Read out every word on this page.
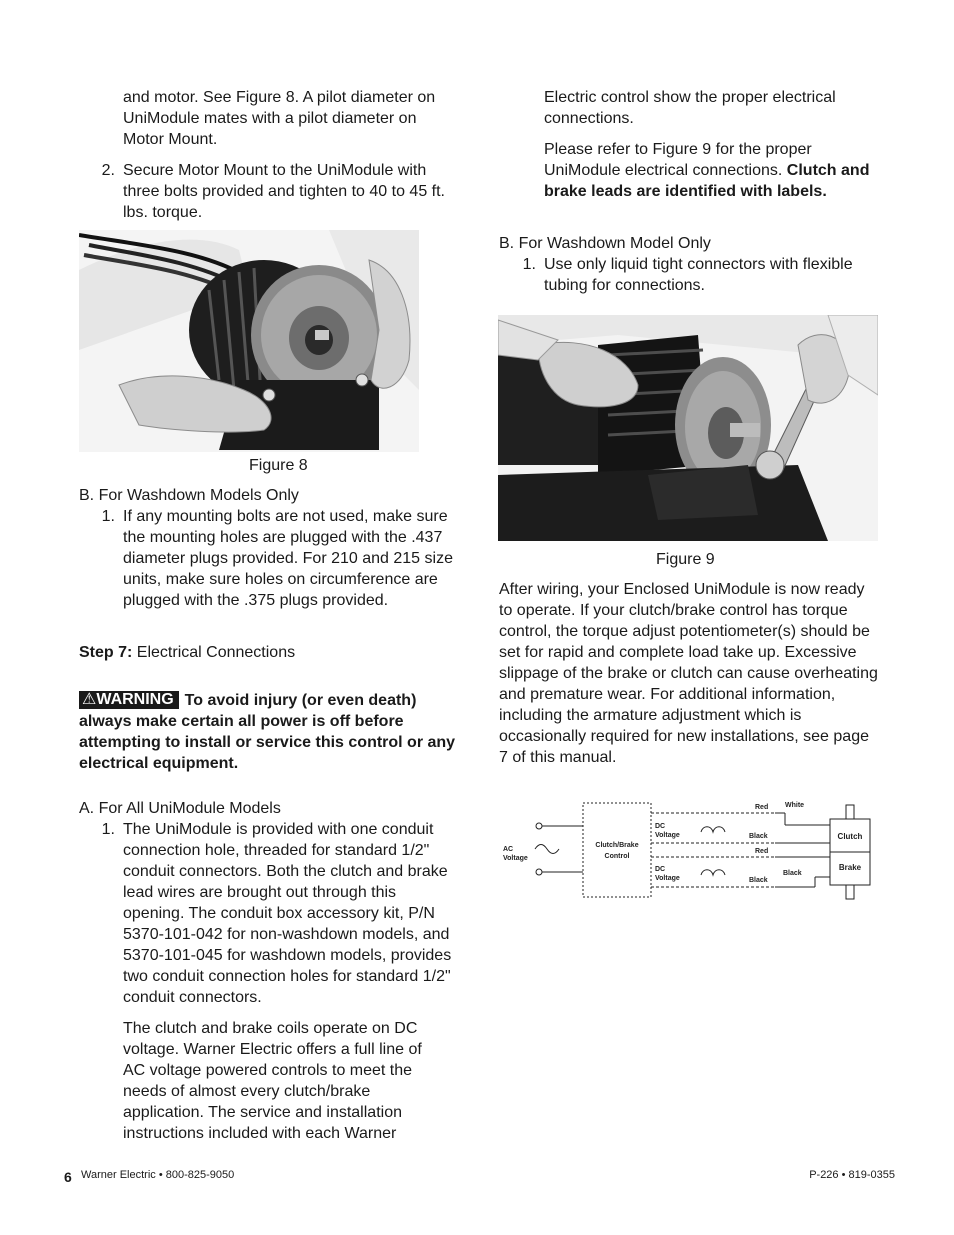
and motor. See Figure 8. A pilot diameter on UniModule mates with a pilot diameter on Motor Mount.

2. Secure Motor Mount to the UniModule with three bolts provided and tighten to 40 to 45 ft. lbs. torque.

Figure 8

B. For Washdown Models Only

1. If any mounting bolts are not used, make sure the mounting holes are plugged with the .437 diameter plugs provided. For 210 and 215 size units, make sure holes on circumference are plugged with the .375 plugs provided.

Step 7: Electrical Connections

⚠WARNING To avoid injury (or even death) always make certain all power is off before attempting to install or service this control or any electrical equipment.

A. For All UniModule Models

1. The UniModule is provided with one conduit connection hole, threaded for standard 1/2" conduit connectors. Both the clutch and brake lead wires are brought out through this opening. The conduit box accessory kit, P/N 5370-101-042 for non-washdown models, and 5370-101-045 for washdown models, provides two conduit connection holes for standard 1/2" conduit connectors.

The clutch and brake coils operate on DC voltage. Warner Electric offers a full line of AC voltage powered controls to meet the needs of almost every clutch/brake application. The service and installation instructions included with each Warner

Electric control show the proper electrical connections.

Please refer to Figure 9 for the proper UniModule electrical connections. Clutch and brake leads are identified with labels.

B. For Washdown Model Only

1. Use only liquid tight connectors with flexible tubing for connections.

Figure 9

After wiring, your Enclosed UniModule is now ready to operate. If your clutch/brake control has torque control, the torque adjust potentiometer(s) should be set for rapid and complete load take up. Excessive slippage of the brake or clutch can cause overheating and premature wear. For additional information, including the armature adjustment which is occasionally required for new installations, see page 7 of this manual.

AC
Voltage
Clutch/Brake
Control
DC
Voltage
DC
Voltage
Red White
Black
Red
Black
Black
Clutch
Brake
6 Warner Electric • 800-825-9050	P-226 • 819-0355
